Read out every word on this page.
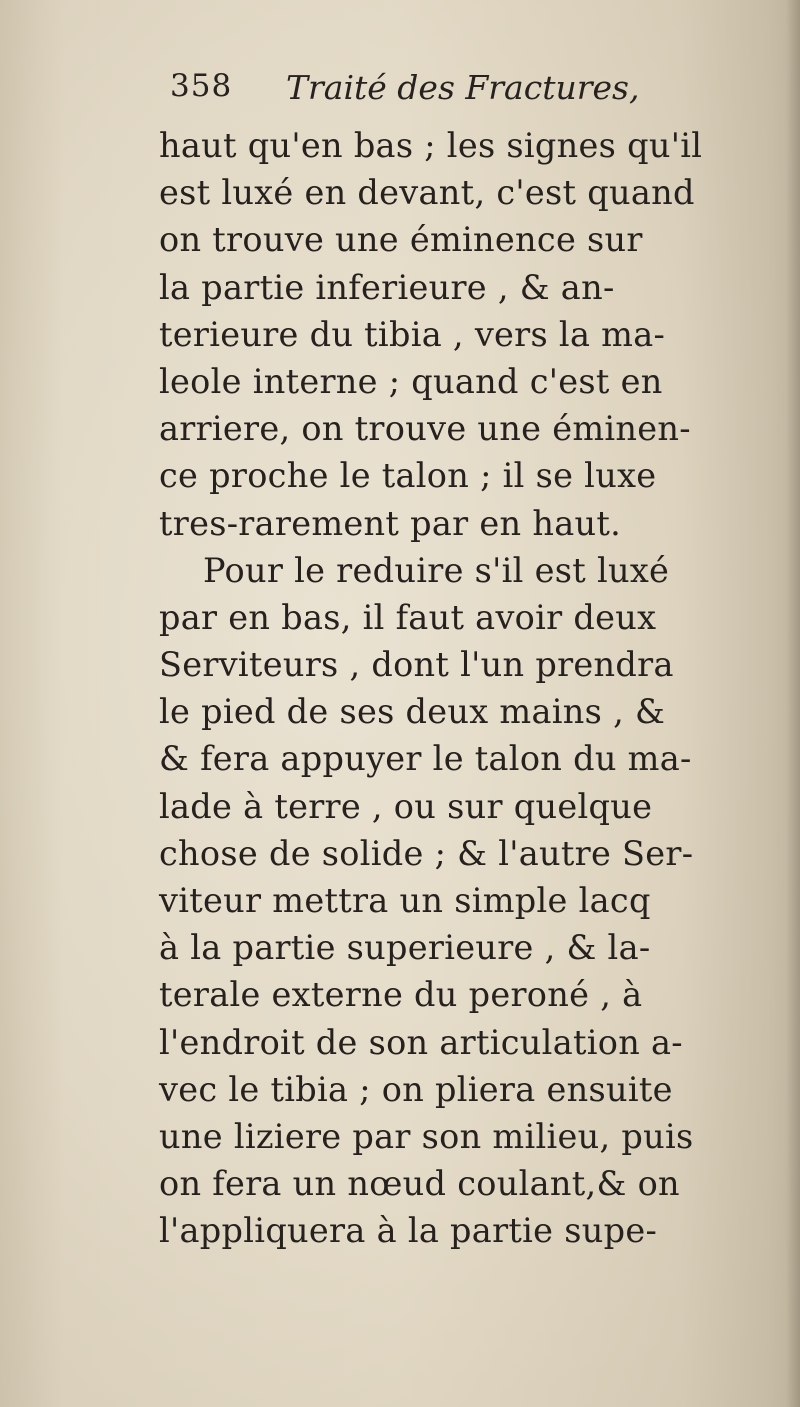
358 Traité des Fractures,
haut qu'en bas ; les signes qu'il
est luxé en devant, c'est quand
on trouve une éminence sur
la partie inferieure , & an-
terieure du tibia , vers la ma-
leole interne ; quand c'est en
arriere, on trouve une éminen-
ce proche le talon ; il se luxe
tres-rarement par en haut.
Pour le reduire s'il est luxé
par en bas, il faut avoir deux
Serviteurs , dont l'un prendra
le pied de ses deux mains , &
& fera appuyer le talon du ma-
lade à terre , ou sur quelque
chose de solide ; & l'autre Ser-
viteur mettra un simple lacq
à la partie superieure , & la-
terale externe du peroné , à
l'endroit de son articulation a-
vec le tibia ; on pliera ensuite
une liziere par son milieu, puis
on fera un nœud coulant,& on
l'appliquera à la partie supe-
